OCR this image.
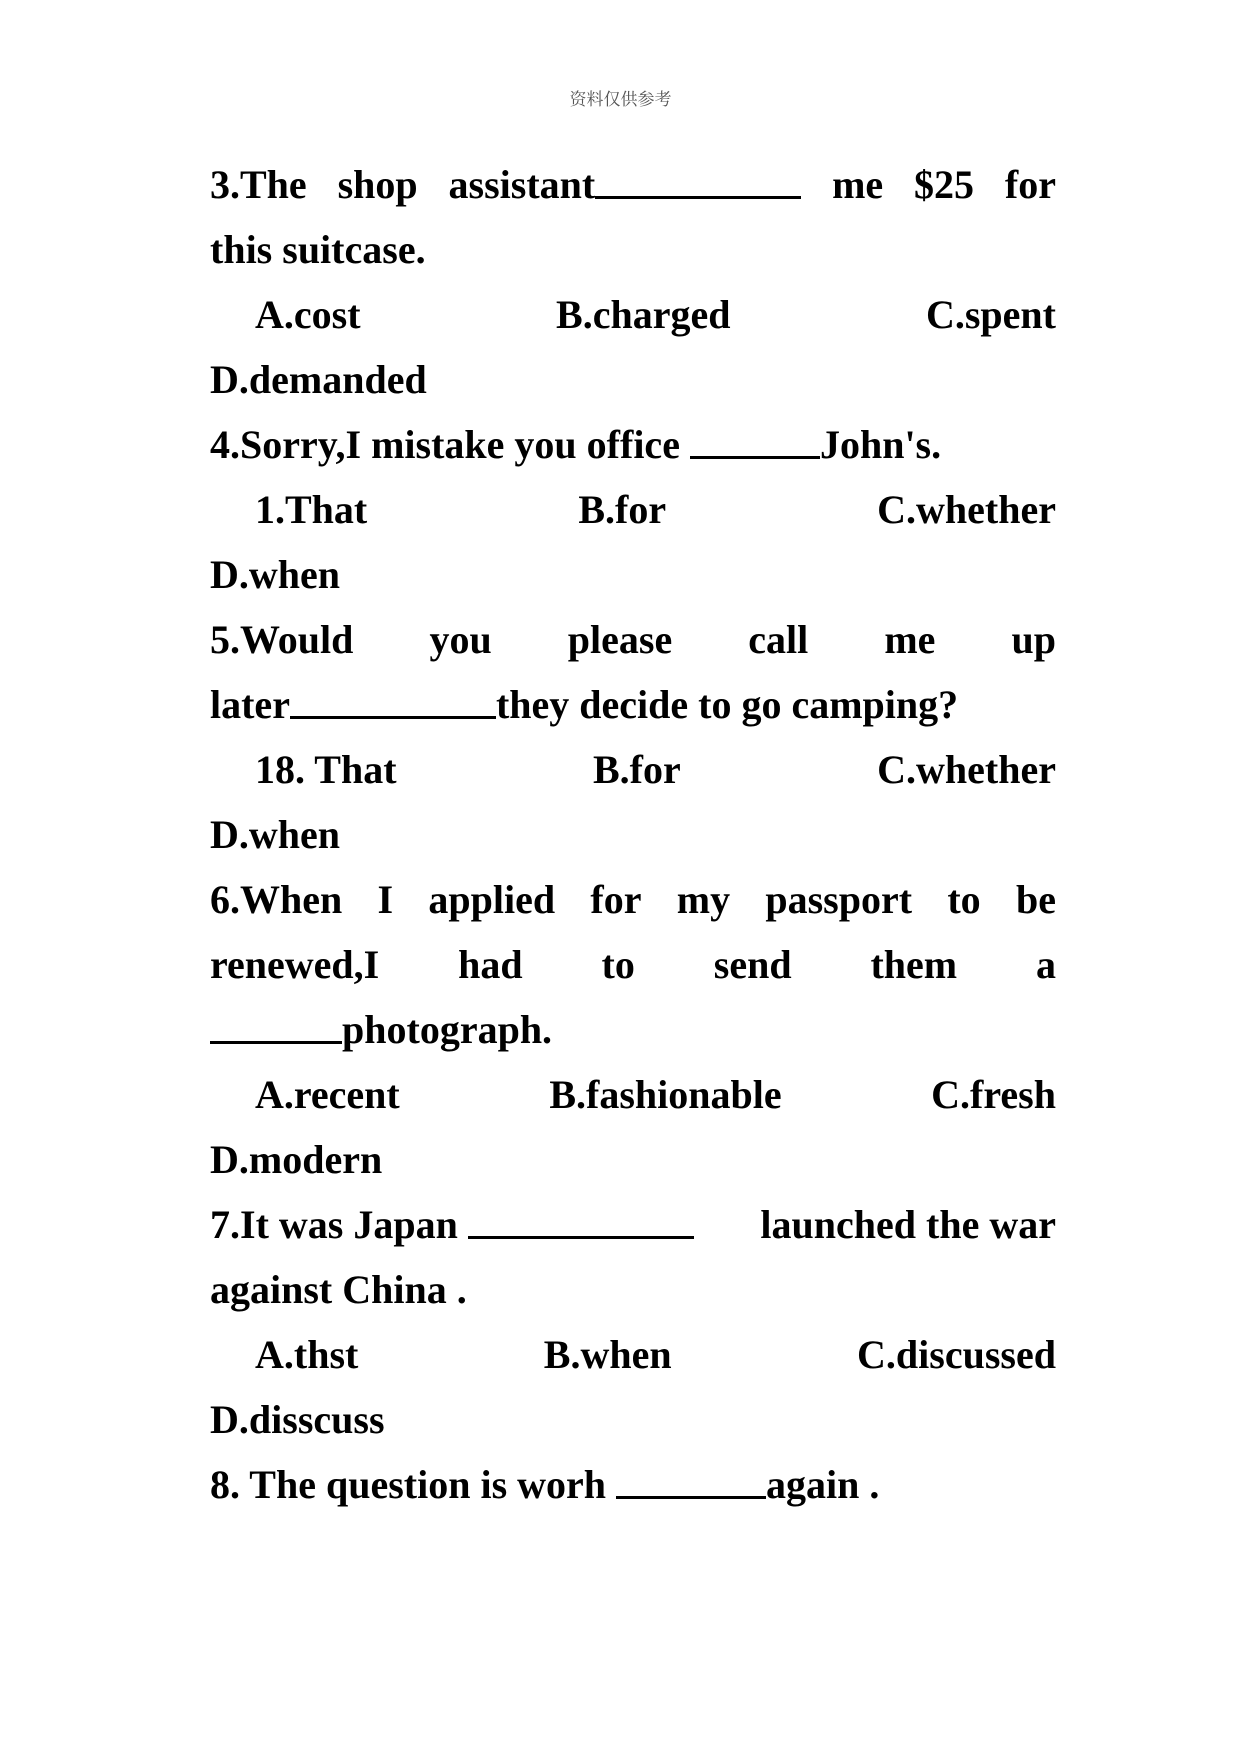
资料仅供参考
3.The shop assistant	me $25 for
this suitcase.
A.cost	B.charged	C.spent
D.demanded
4.Sorry,I mistake you office	John's.
1.That	B.for	C.whether
D.when
5.Would you please call me up
later	they decide to go camping?
18. That	B.for	C.whether
D.when
6.When I applied for my passport to be
renewed,I had to send them a
photograph.
A.recent	B.fashionable	C.fresh
D.modern
7.It was Japan	launched the war
against China .
A.thst	B.when	C.discussed
D.disscuss
8. The question is worh	again .
